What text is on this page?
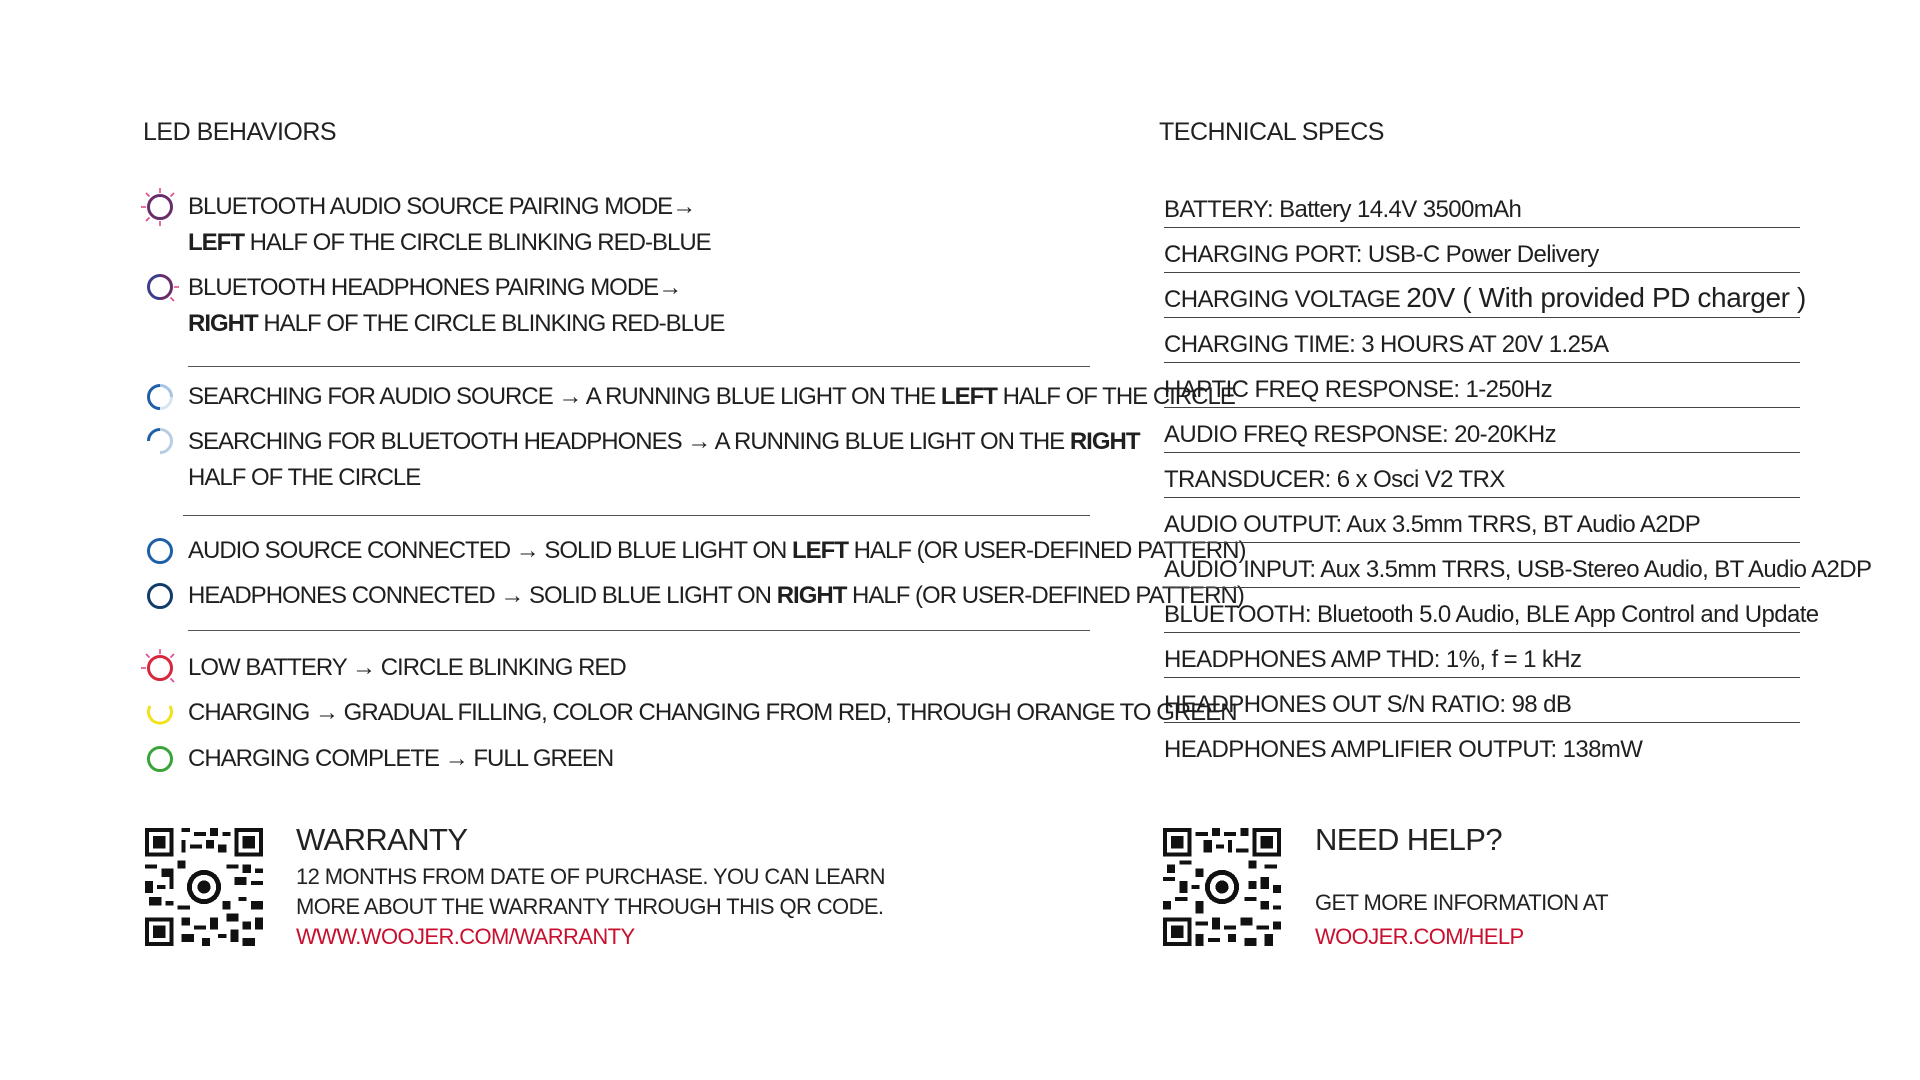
LED BEHAVIORS
BLUETOOTH AUDIO SOURCE PAIRING MODE→
LEFT HALF OF THE CIRCLE BLINKING RED-BLUE
BLUETOOTH HEADPHONES PAIRING MODE→
RIGHT HALF OF THE CIRCLE BLINKING RED-BLUE
SEARCHING FOR AUDIO SOURCE → A RUNNING BLUE LIGHT ON THE LEFT HALF OF THE CIRCLE
SEARCHING FOR BLUETOOTH HEADPHONES → A RUNNING BLUE LIGHT ON THE RIGHT
HALF OF THE CIRCLE
AUDIO SOURCE CONNECTED → SOLID BLUE LIGHT ON LEFT HALF (OR USER-DEFINED PATTERN)
HEADPHONES CONNECTED → SOLID BLUE LIGHT ON RIGHT HALF (OR USER-DEFINED PATTERN)
LOW BATTERY → CIRCLE BLINKING RED
CHARGING → GRADUAL FILLING, COLOR CHANGING FROM RED, THROUGH ORANGE TO GREEN
CHARGING COMPLETE → FULL GREEN
TECHNICAL SPECS
BATTERY: Battery 14.4V 3500mAh
CHARGING PORT: USB-C Power Delivery
CHARGING VOLTAGE 20V ( With provided PD charger )
CHARGING TIME: 3 HOURS AT 20V 1.25A
HAPTIC FREQ RESPONSE: 1-250Hz
AUDIO FREQ RESPONSE: 20-20KHz
TRANSDUCER: 6 x Osci V2 TRX
AUDIO OUTPUT: Aux 3.5mm TRRS, BT Audio A2DP
AUDIO INPUT: Aux 3.5mm TRRS, USB-Stereo Audio, BT Audio A2DP
BLUETOOTH: Bluetooth 5.0 Audio, BLE App Control and Update
HEADPHONES AMP THD: 1%, f = 1 kHz
HEADPHONES OUT S/N RATIO: 98 dB
HEADPHONES AMPLIFIER OUTPUT: 138mW
WARRANTY
12 MONTHS FROM DATE OF PURCHASE. YOU CAN LEARN
MORE ABOUT THE WARRANTY THROUGH THIS QR CODE.
WWW.WOOJER.COM/WARRANTY
NEED HELP?
GET MORE INFORMATION AT
WOOJER.COM/HELP
